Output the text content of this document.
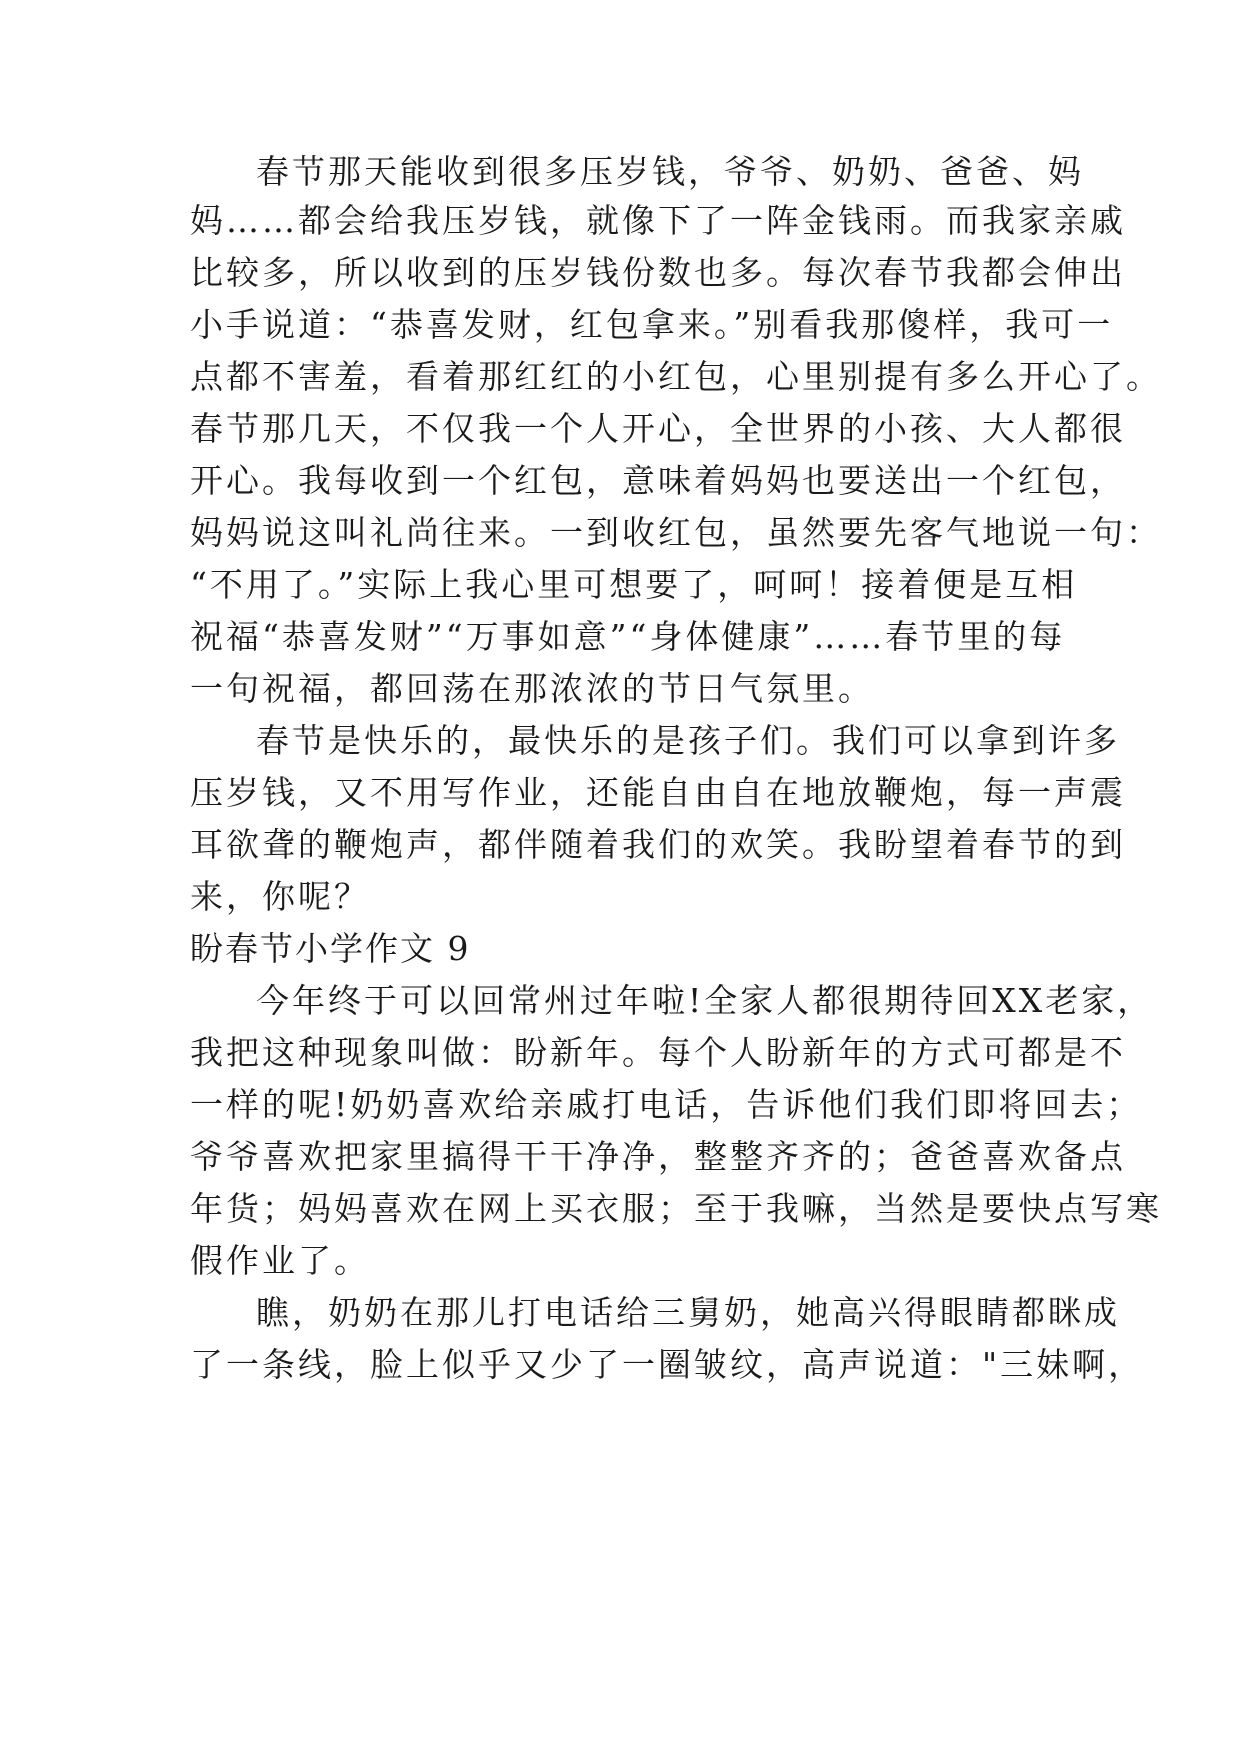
春节那天能收到很多压岁钱，爷爷、奶奶、爸爸、妈
妈……都会给我压岁钱，就像下了一阵金钱雨。而我家亲戚
比较多，所以收到的压岁钱份数也多。每次春节我都会伸出
小手说道：“恭喜发财，红包拿来。”别看我那傻样，我可一
点都不害羞，看着那红红的小红包，心里别提有多么开心了。
春节那几天，不仅我一个人开心，全世界的小孩、大人都很
开心。我每收到一个红包，意味着妈妈也要送出一个红包，
妈妈说这叫礼尚往来。一到收红包，虽然要先客气地说一句：
“不用了。”实际上我心里可想要了，呵呵！接着便是互相
祝福“恭喜发财”“万事如意”“身体健康”……春节里的每
一句祝福，都回荡在那浓浓的节日气氛里。
春节是快乐的，最快乐的是孩子们。我们可以拿到许多
压岁钱，又不用写作业，还能自由自在地放鞭炮，每一声震
耳欲聋的鞭炮声，都伴随着我们的欢笑。我盼望着春节的到
来，你呢？
盼春节小学作文 9
今年终于可以回常州过年啦!全家人都很期待回XX老家，
我把这种现象叫做：盼新年。每个人盼新年的方式可都是不
一样的呢!奶奶喜欢给亲戚打电话，告诉他们我们即将回去；
爷爷喜欢把家里搞得干干净净，整整齐齐的；爸爸喜欢备点
年货；妈妈喜欢在网上买衣服；至于我嘛，当然是要快点写寒
假作业了。
瞧，奶奶在那儿打电话给三舅奶，她高兴得眼睛都眯成
了一条线，脸上似乎又少了一圈皱纹，高声说道："三妹啊，
